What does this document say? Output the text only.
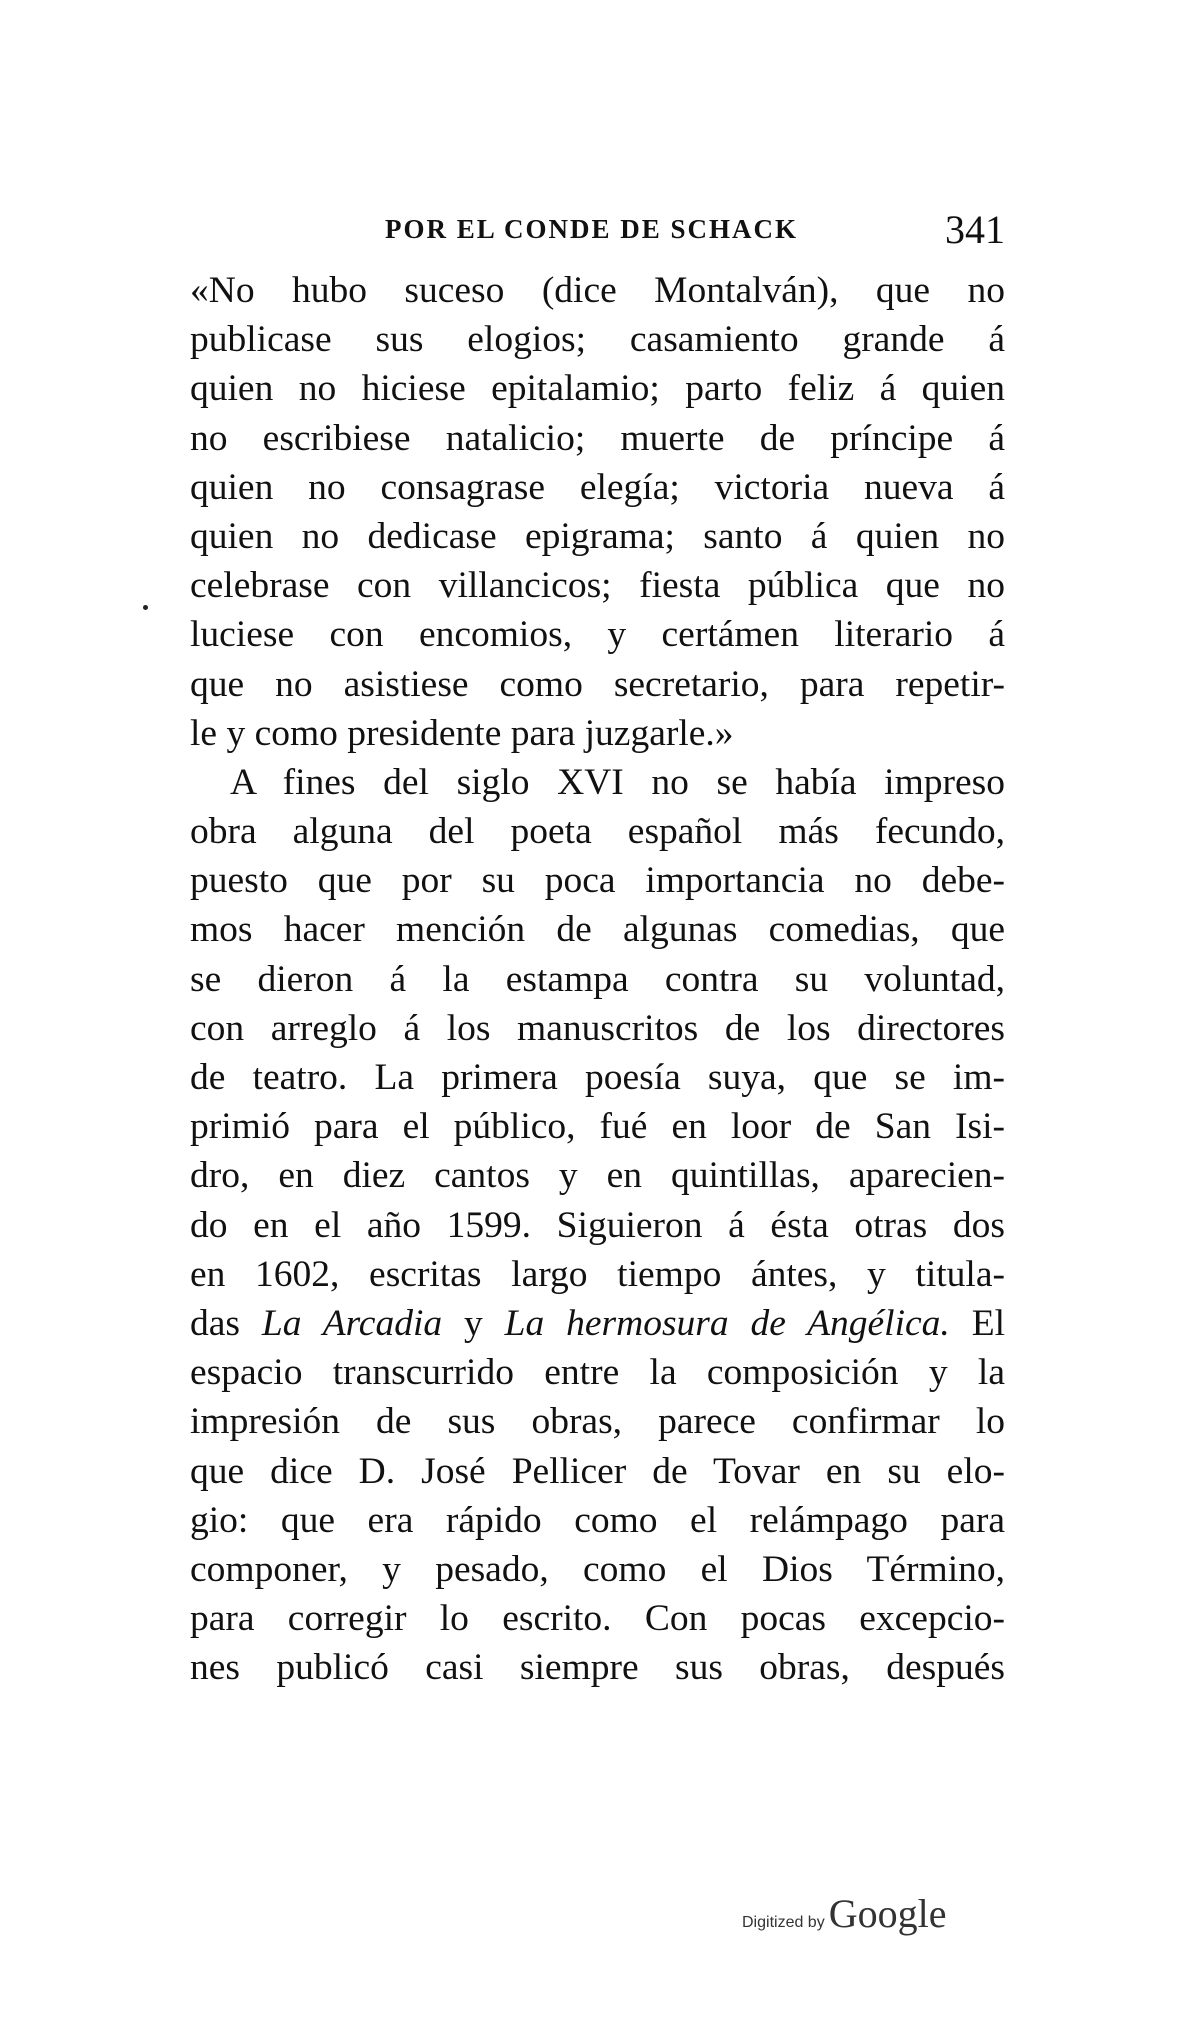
POR EL CONDE DE SCHACK	341
«No hubo suceso (dice Montalván), que no
publicase sus elogios; casamiento grande á
quien no hiciese epitalamio; parto feliz á quien
no escribiese natalicio; muerte de príncipe á
quien no consagrase elegía; victoria nueva á
quien no dedicase epigrama; santo á quien no
celebrase con villancicos; fiesta pública que no
luciese con encomios, y certámen literario á
que no asistiese como secretario, para repetir-
le y como presidente para juzgarle.»
A fines del siglo XVI no se había impreso
obra alguna del poeta español más fecundo,
puesto que por su poca importancia no debe-
mos hacer mención de algunas comedias, que
se dieron á la estampa contra su voluntad,
con arreglo á los manuscritos de los directores
de teatro. La primera poesía suya, que se im-
primió para el público, fué en loor de San Isi-
dro, en diez cantos y en quintillas, aparecien-
do en el año 1599. Siguieron á ésta otras dos
en 1602, escritas largo tiempo ántes, y titula-
das La Arcadia y La hermosura de Angélica. El
espacio transcurrido entre la composición y la
impresión de sus obras, parece confirmar lo
que dice D. José Pellicer de Tovar en su elo-
gio: que era rápido como el relámpago para
componer, y pesado, como el Dios Término,
para corregir lo escrito. Con pocas excepcio-
nes publicó casi siempre sus obras, después
Digitized by Google
